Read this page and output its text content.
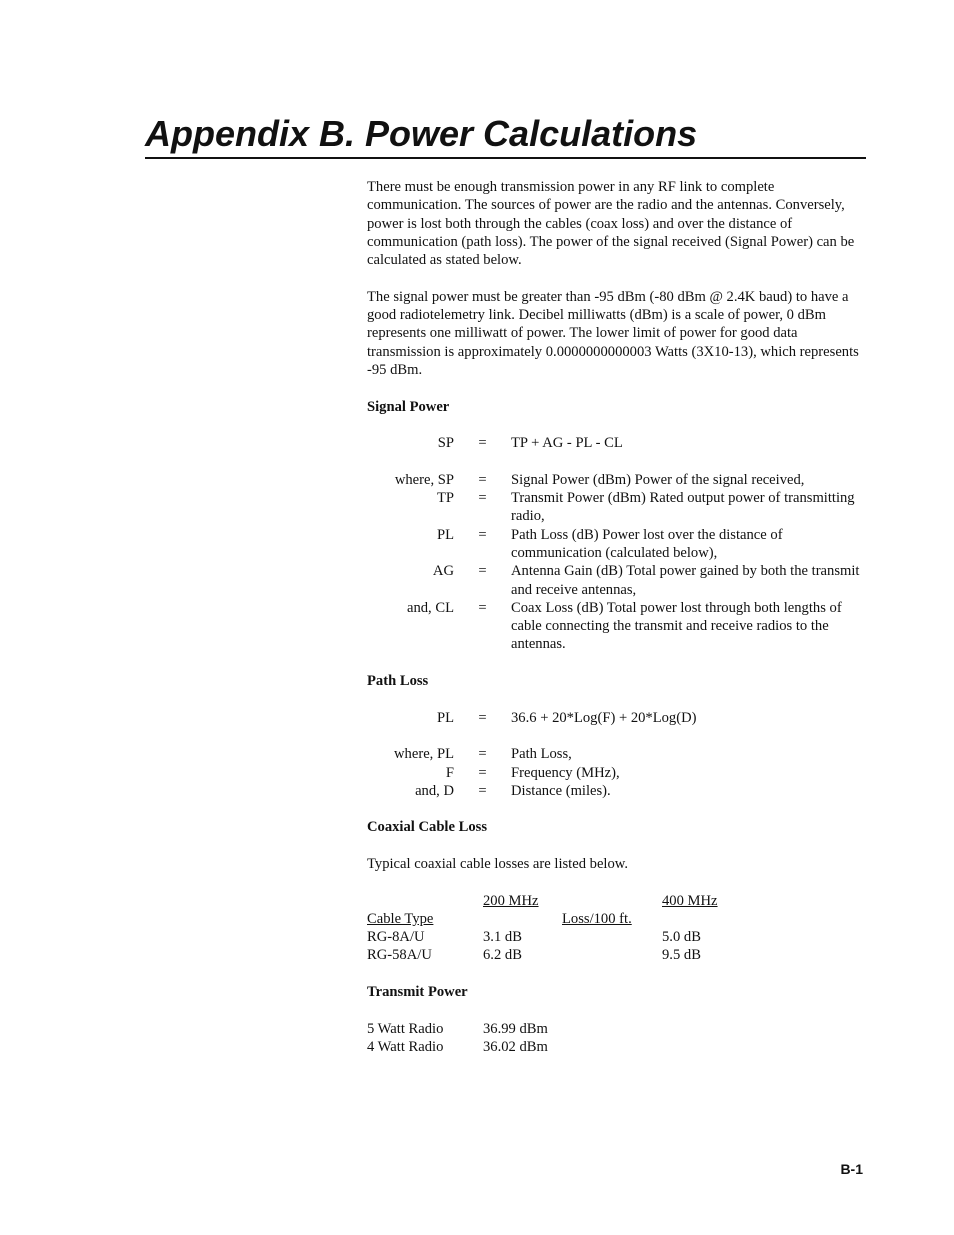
Appendix B. Power Calculations

There must be enough transmission power in any RF link to complete communication. The sources of power are the radio and the antennas. Conversely, power is lost both through the cables (coax loss) and over the distance of communication (path loss). The power of the signal received (Signal Power) can be calculated as stated below.

The signal power must be greater than -95 dBm (-80 dBm @ 2.4K baud) to have a good radiotelemetry link. Decibel milliwatts (dBm) is a scale of power, 0 dBm represents one milliwatt of power. The lower limit of power for good data transmission is approximately 0.0000000000003 Watts (3X10-13), which represents -95 dBm.

Signal Power
SP	=	TP + AG - PL - CL

where, SP	=	Signal Power (dBm) Power of the signal received,
TP	=	Transmit Power (dBm) Rated output power of transmitting radio,
PL	=	Path Loss (dB) Power lost over the distance of communication (calculated below),
AG	=	Antenna Gain (dB) Total power gained by both the transmit and receive antennas,
and, CL	=	Coax Loss (dB) Total power lost through both lengths of cable connecting the transmit and receive radios to the antennas.
Path Loss
PL	=	36.6 + 20*Log(F) + 20*Log(D)

where, PL	=	Path Loss,
F	=	Frequency (MHz),
and, D	=	Distance (miles).
Coaxial Cable Loss

Typical coaxial cable losses are listed below.

	200 MHz		400 MHz
Cable Type		Loss/100 ft.	
RG-8A/U	3.1 dB		5.0 dB
RG-58A/U	6.2 dB		9.5 dB
Transmit Power
5 Watt Radio	36.99 dBm
4 Watt Radio	36.02 dBm
B-1
